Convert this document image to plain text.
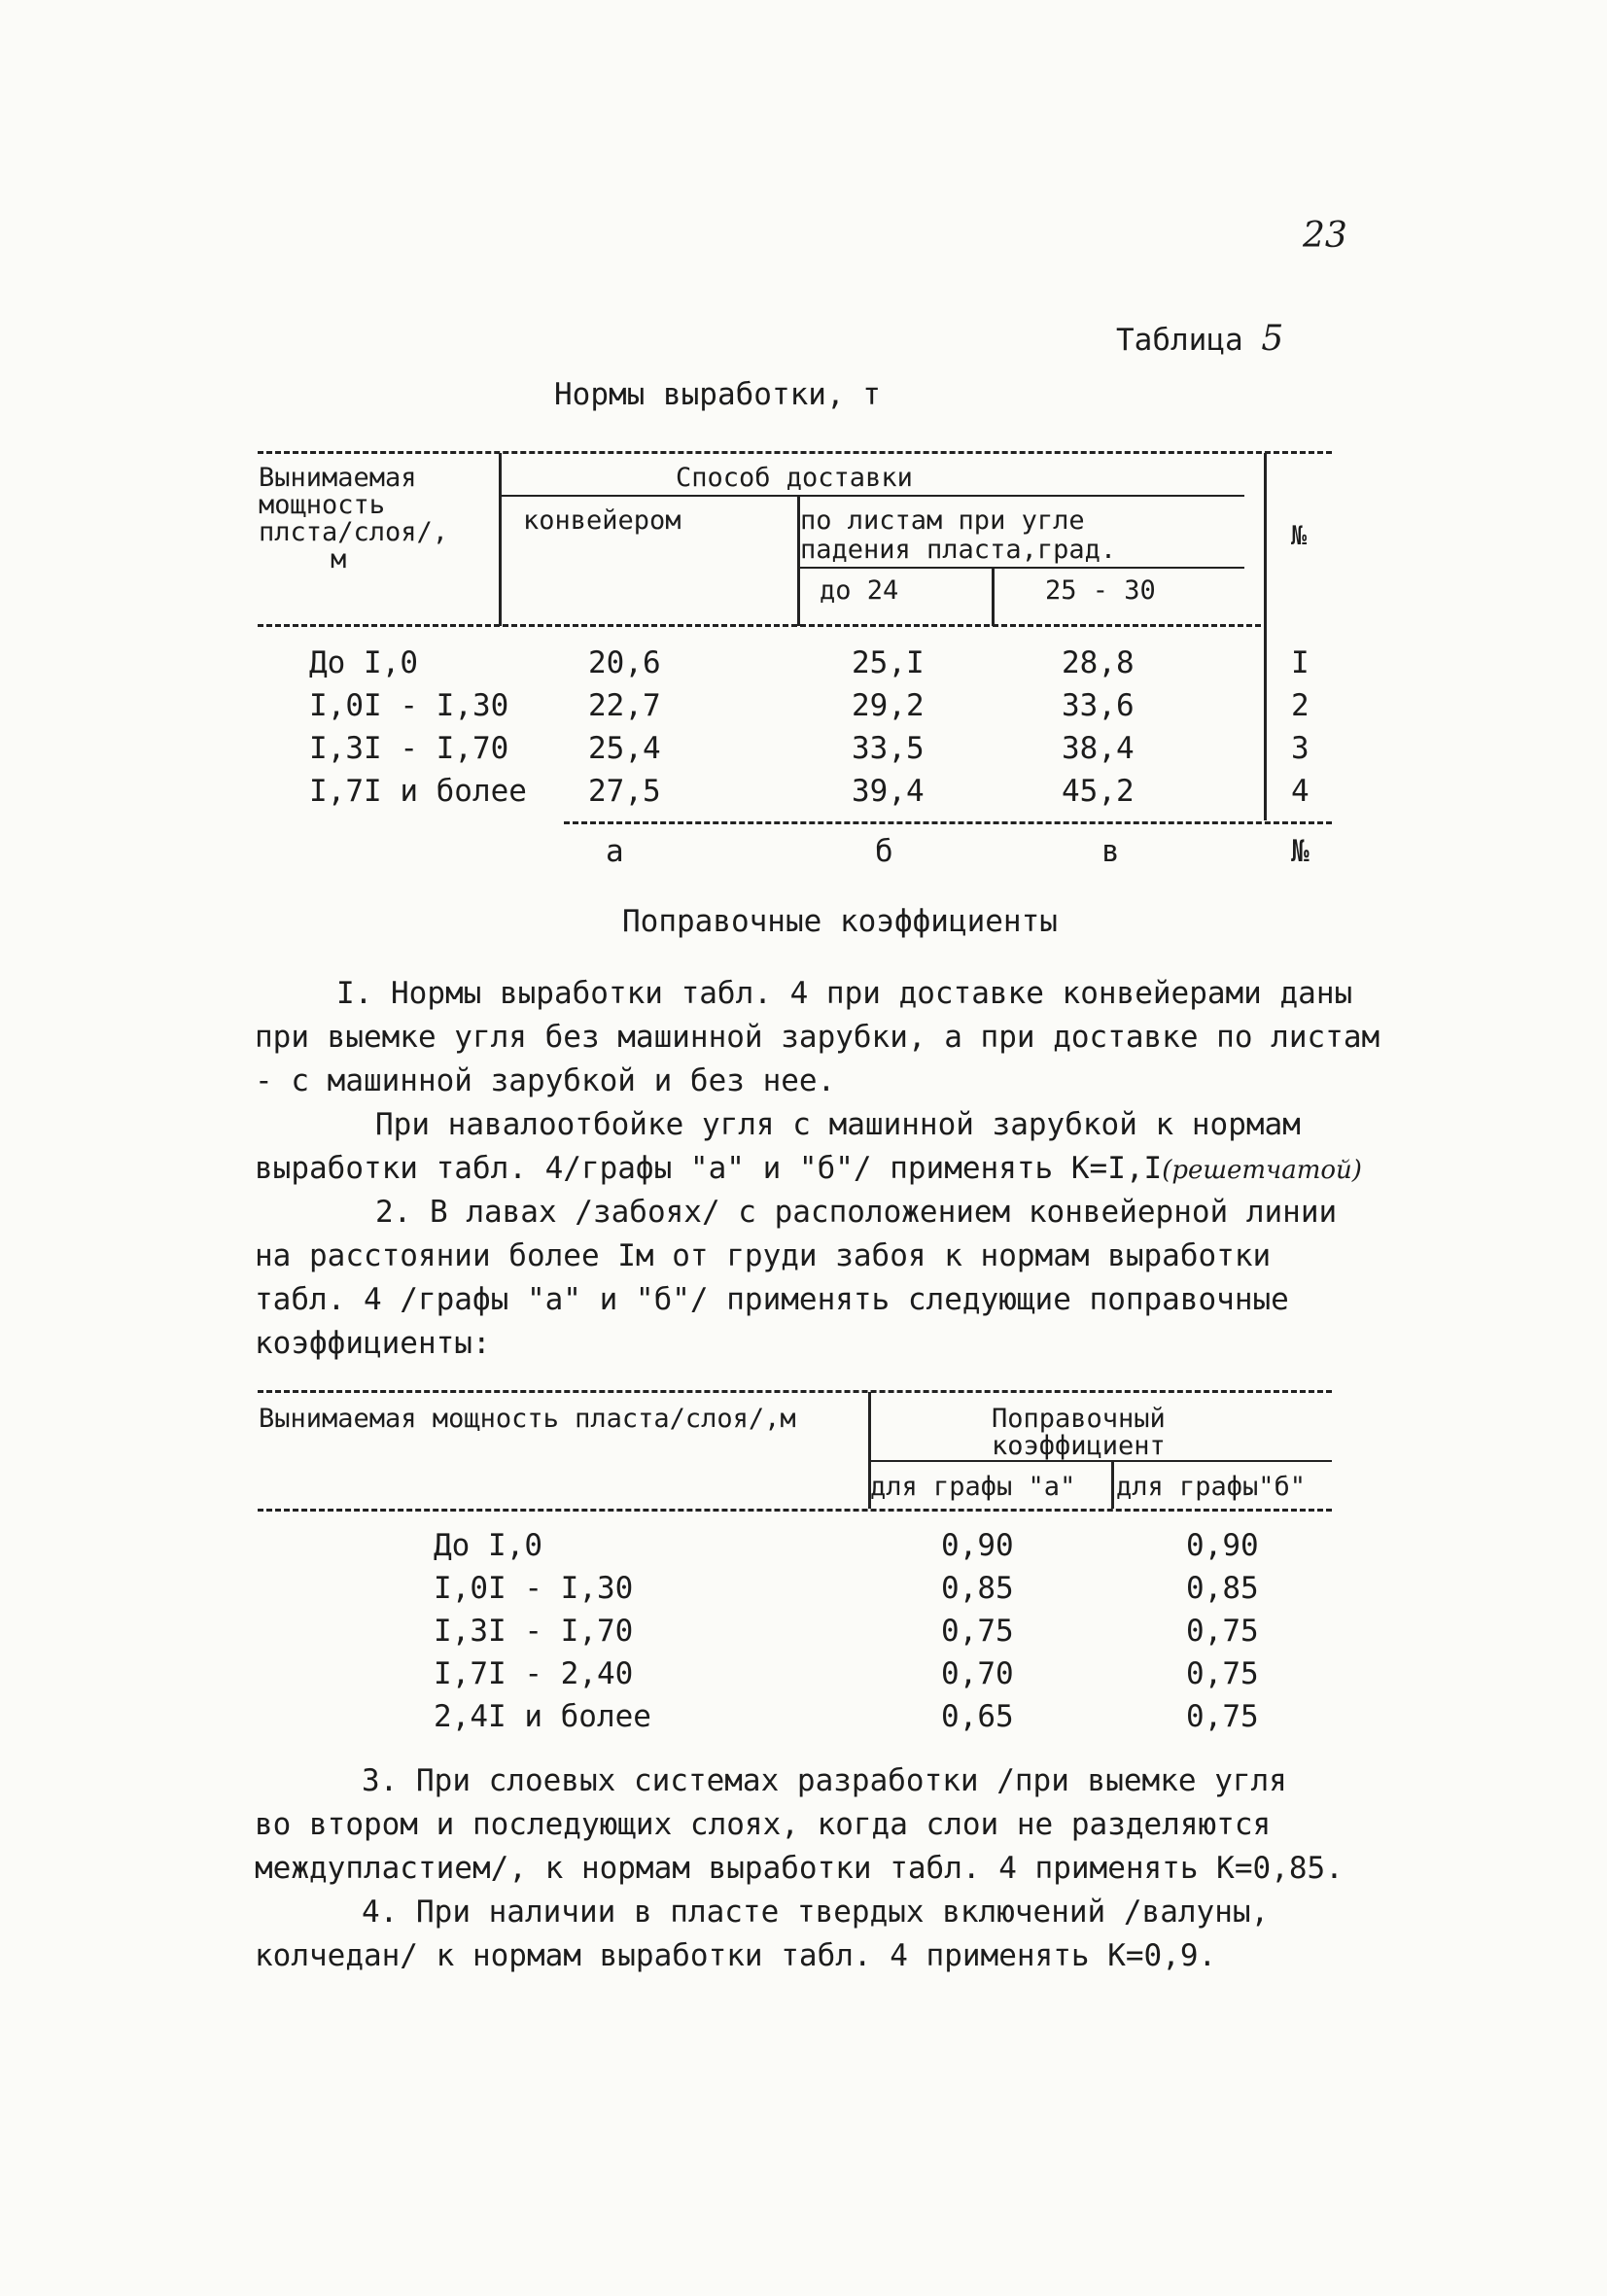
23
Таблица 5
Нормы выработки, т
Вынимаемая
мощность
плста/слоя/,
м
Способ доставки
конвейером	по листам при угле
падения пласта,град.
до 24	25 - 30
№
До I,0	20,6	25,I	28,8	I
I,0I - I,30	22,7	29,2	33,6	2
I,3I - I,70	25,4	33,5	38,4	3
I,7I и более 27,5	39,4	45,2	4
а	б	в	№
Поправочные коэффициенты
I. Нормы выработки табл. 4 при доставке конвейерами даны
при выемке угля без машинной зарубки, а при доставке по листам
- с машинной зарубкой и без нее.
При навалоотбойке угля с машинной зарубкой к нормам
выработки табл. 4/графы "а" и "б"/ применять К=I,I(решетчатой)
2. В лавах /забоях/ с расположением конвейерной линии
на расстоянии более Iм от груди забоя к нормам выработки
табл. 4 /графы "а" и "б"/ применять следующие поправочные
коэффициенты:
Вынимаемая мощность пласта/слоя/,м	Поправочный
коэффициент
для графы "а" для графы"б"
До I,0	0,90	0,90
I,0I - I,30	0,85	0,85
I,3I - I,70	0,75	0,75
I,7I - 2,40	0,70	0,75
2,4I и более	0,65	0,75
3. При слоевых системах разработки /при выемке угля
во втором и последующих слоях, когда слои не разделяются
междупластием/, к нормам выработки табл. 4 применять К=0,85.
4. При наличии в пласте твердых включений /валуны,
колчедан/ к нормам выработки табл. 4 применять К=0,9.
